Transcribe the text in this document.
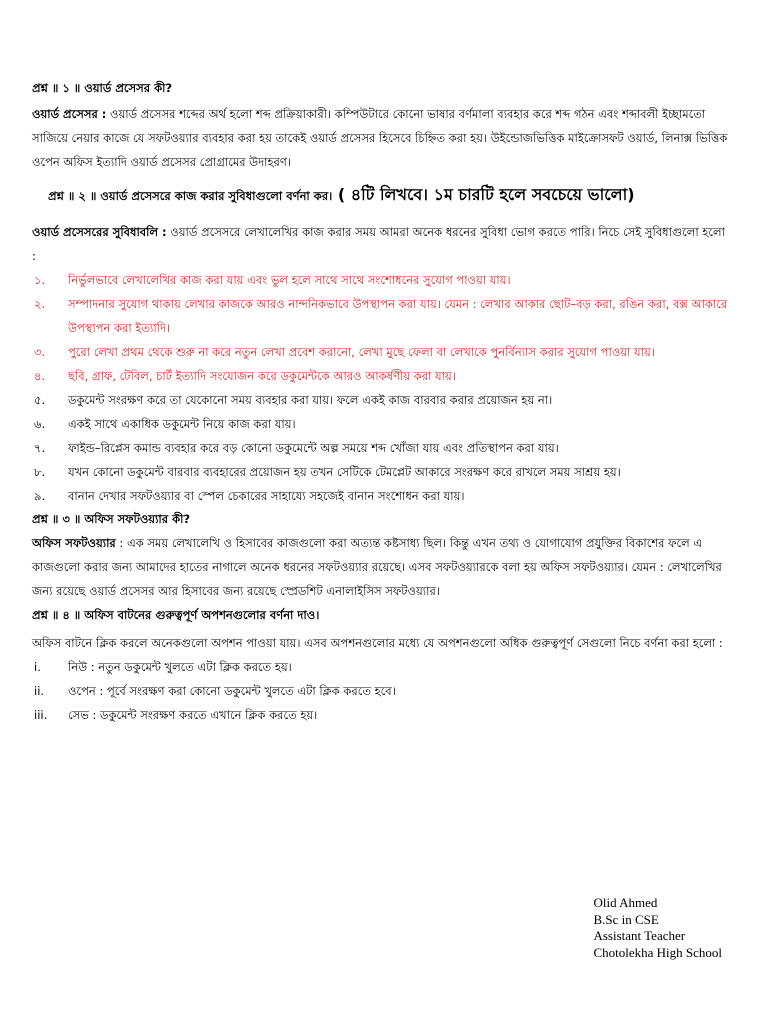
প্রশ্ন ॥ ১ ॥ ওয়ার্ড প্রসেসর কী?

ওয়ার্ড প্রসেসর : ওয়ার্ড প্রসেসর শব্দের অর্থ হলো শব্দ প্রক্রিয়াকারী। কম্পিউটারে কোনো ভাষার বর্ণমালা ব্যবহার করে শব্দ গঠন এবং শব্দাবলী ইচ্ছামতো সাজিয়ে নেয়ার কাজে যে সফটওয়্যার ব্যবহার করা হয় তাকেই ওয়ার্ড প্রসেসর হিসেবে চিহ্নিত করা হয়। উইন্ডোজভিত্তিক মাইক্রোসফট ওয়ার্ড, লিনাক্স ভিত্তিক ওপেন অফিস ইত্যাদি ওয়ার্ড প্রসেসর প্রোগ্রামের উদাহরণ।

প্রশ্ন ॥ ২ ॥ ওয়ার্ড প্রসেসরে কাজ করার সুবিধাগুলো বর্ণনা কর। ( ৪টি লিখবে। ১ম চারটি হলে সবচেয়ে ভালো)

ওয়ার্ড প্রসেসরের সুবিধাবলি : ওয়ার্ড প্রসেসরে লেখালেখির কাজ করার সময় আমরা অনেক ধরনের সুবিধা ভোগ করতে পারি। নিচে সেই সুবিধাগুলো হলো :

১.	নির্ভুলভাবে লেখালেখির কাজ করা যায় এবং ভুল হলে সাথে সাথে সংশোধনের সুযোগ পাওয়া যায়।
২.	সম্পাদনার সুযোগ থাকায় লেখার কাজকে আরও নান্দনিকভাবে উপস্থাপন করা যায়। যেমন : লেখার আকার ছোট–বড় করা, রঙিন করা, বক্স আকারে উপস্থাপন করা ইত্যাদি।
৩.	পুরো লেখা প্রথম থেকে শুরু না করে নতুন লেখা প্রবেশ করানো, লেখা মুছে ফেলা বা লেখাকে পুনর্বিন্যাস করার সুযোগ পাওয়া যায়।
৪.	ছবি, গ্রাফ, টেবিল, চার্ট ইত্যাদি সংযোজন করে ডকুমেন্টকে আরও আকর্ষণীয় করা যায়।
৫.	ডকুমেন্ট সংরক্ষণ করে তা যেকোনো সময় ব্যবহার করা যায়। ফলে একই কাজ বারবার করার প্রয়োজন হয় না।
৬.	একই সাথে একাধিক ডকুমেন্ট নিয়ে কাজ করা যায়।
৭.	ফাইন্ড–রিপ্লেস কমান্ড ব্যবহার করে বড় কোনো ডকুমেন্টে অল্প সময়ে শব্দ খোঁজা যায় এবং প্রতিস্থাপন করা যায়।
৮.	যখন কোনো ডকুমেন্ট বারবার ব্যবহারের প্রয়োজন হয় তখন সেটিকে টেমপ্লেট আকারে সংরক্ষণ করে রাখলে সময় সাশ্রয় হয়।
৯.	বানান দেখার সফটওয়্যার বা স্পেল চেকারের সাহায্যে সহজেই বানান সংশোধন করা যায়।

প্রশ্ন ॥ ৩ ॥ অফিস সফটওয়্যার কী?

অফিস সফটওয়্যার : এক সময় লেখালেখি ও হিসাবের কাজগুলো করা অত্যন্ত কষ্টসাধ্য ছিল। কিন্তু এখন তথ্য ও যোগাযোগ প্রযুক্তির বিকাশের ফলে এ কাজগুলো করার জন্য আমাদের হাতের নাগালে অনেক ধরনের সফটওয়্যার রয়েছে। এসব সফটওয়্যারকে বলা হয় অফিস সফটওয়্যার। যেমন : লেখালেখির জন্য রয়েছে ওয়ার্ড প্রসেসর আর হিসাবের জন্য রয়েছে স্প্রেডশিট এনালাইসিস সফটওয়্যার।

প্রশ্ন ॥ ৪ ॥ অফিস বাটনের গুরুত্বপূর্ণ অপশনগুলোর বর্ণনা দাও।

অফিস বাটনে ক্লিক করলে অনেকগুলো অপশন পাওয়া যায়। এসব অপশনগুলোর মধ্যে যে অপশনগুলো অধিক গুরুত্বপূর্ণ সেগুলো নিচে বর্ণনা করা হলো :

i.	নিউ : নতুন ডকুমেন্ট খুলতে এটা ক্লিক করতে হয়।
ii.	ওপেন : পূর্বে সংরক্ষণ করা কোনো ডকুমেন্ট খুলতে এটা ক্লিক করতে হবে।
iii.	সেভ : ডকুমেন্ট সংরক্ষণ করতে এখানে ক্লিক করতে হয়।
Olid Ahmed
B.Sc in CSE
Assistant Teacher
Chotolekha High School
